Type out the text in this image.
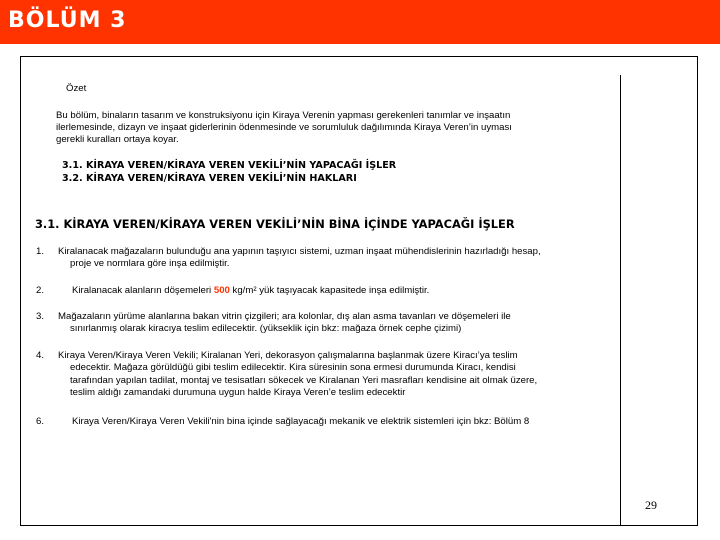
BÖLÜM 3
Özet
Bu bölüm, binaların tasarım ve konstruksiyonu için Kiraya Verenin yapması gerekenleri tanımlar ve inşaatın
ilerlemesinde, dizayn ve inşaat giderlerinin ödenmesinde ve sorumluluk dağılımında Kiraya Veren’in uyması
gerekli kuralları ortaya koyar.
3.1. KİRAYA VEREN/KİRAYA VEREN VEKİLİ’NİN YAPACAĞI İŞLER
3.2. KİRAYA VEREN/KİRAYA VEREN VEKİLİ’NİN HAKLARI
3.1. KİRAYA VEREN/KİRAYA VEREN VEKİLİ’NİN BİNA İÇİNDE YAPACAĞI İŞLER
1. Kiralanacak mağazaların bulunduğu ana yapının taşıyıcı sistemi, uzman inşaat mühendislerinin hazırladığı hesap,
proje ve normlara göre inşa edilmiştir.
2.	Kiralanacak alanların döşemeleri 500 kg/m² yük taşıyacak kapasitede inşa edilmiştir.
3. Mağazaların yürüme alanlarına bakan vitrin çizgileri; ara kolonlar, dış alan asma tavanları ve döşemeleri ile
sınırlanmış olarak kiracıya teslim edilecektir. (yükseklik için bkz: mağaza örnek cephe çizimi)
4. Kiraya Veren/Kiraya Veren Vekili; Kiralanan Yeri, dekorasyon çalışmalarına başlanmak üzere Kiracı’ya teslim
edecektir. Mağaza görüldüğü gibi teslim edilecektir. Kira süresinin sona ermesi durumunda Kiracı, kendisi
tarafından yapılan tadilat, montaj ve tesisatları sökecek ve Kiralanan Yeri masrafları kendisine ait olmak üzere,
teslim aldığı zamandaki durumuna uygun halde Kiraya Veren’e teslim edecektir
6.	Kiraya Veren/Kiraya Veren Vekili'nin bina içinde sağlayacağı mekanik ve elektrik sistemleri için bkz: Bölüm 8
29
